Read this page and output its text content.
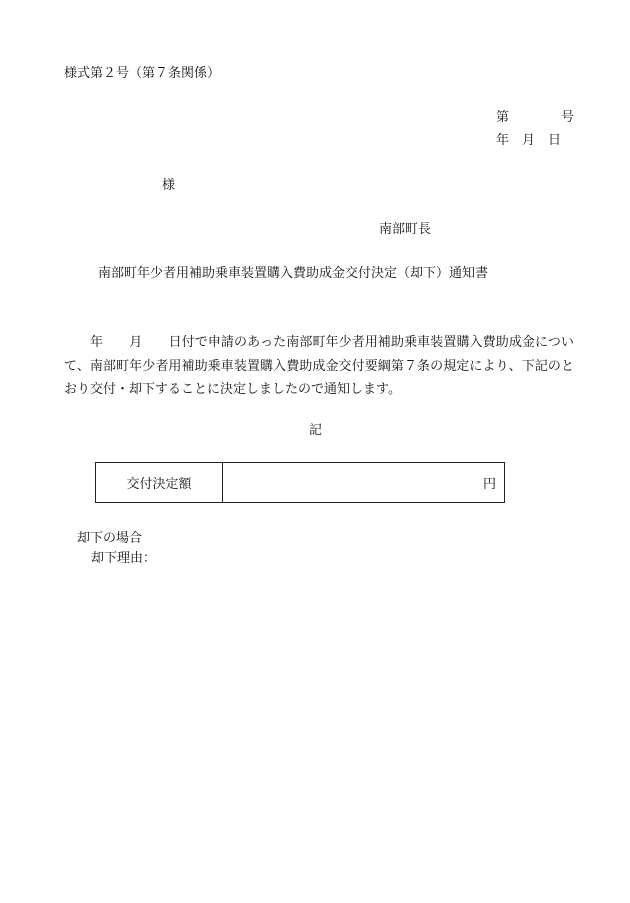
様式第２号（第７条関係）
第	号
年 月 日
様
南部町長
南部町年少者用補助乗車装置購入費助成金交付決定（却下）通知書
年　　 月　　 日付で申請のあった南部町年少者用補助乗車装置購入費助成金について、南部町年少者用補助乗車装置購入費助成金交付要綱第７条の規定により、下記のとおり交付・却下することに決定しましたので通知します。
記
交付決定額	円
却下の場合
却下理由：
